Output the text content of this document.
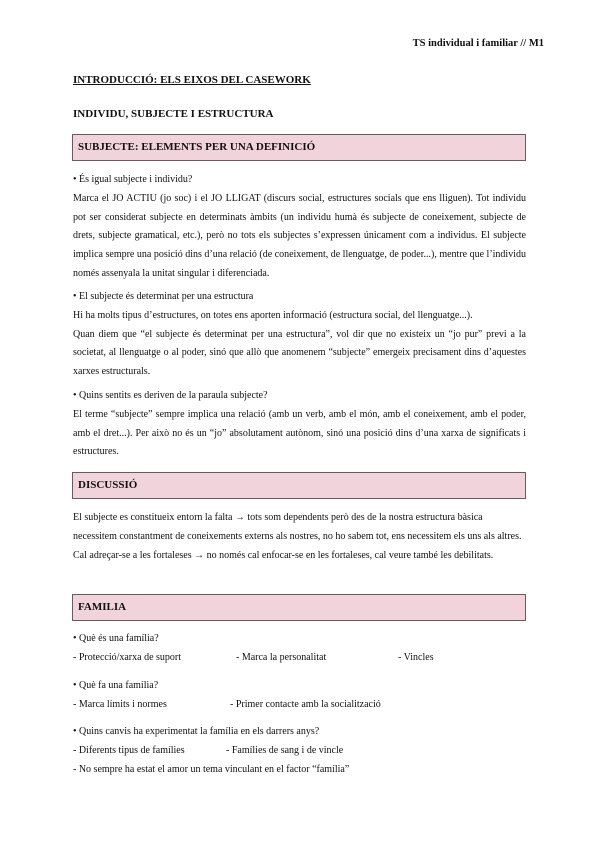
TS individual i familiar // M1
INTRODUCCIÓ: ELS EIXOS DEL CASEWORK
INDIVIDU, SUBJECTE I ESTRUCTURA
SUBJECTE: ELEMENTS PER UNA DEFINICIÓ

• És igual subjecte i individu?

Marca el JO ACTIU (jo soc) i el JO LLIGAT (discurs social, estructures socials que ens lliguen). Tot individu pot ser considerat subjecte en determinats àmbits (un individu humà és subjecte de coneixement, subjecte de drets, subjecte gramatical, etc.), però no tots els subjectes s’expressen únicament com a individus. El subjecte implica sempre una posició dins d’una relació (de coneixement, de llenguatge, de poder...), mentre que l’individu només assenyala la unitat singular i diferenciada.

• El subjecte és determinat per una estructura

Hi ha molts tipus d’estructures, on totes ens aporten informació (estructura social, del llenguatge...).

Quan diem que “el subjecte és determinat per una estructura”, vol dir que no existeix un “jo pur” previ a la societat, al llenguatge o al poder, sinó que allò que anomenem “subjecte” emergeix precisament dins d’aquestes xarxes estructurals.

• Quins sentits es deriven de la paraula subjecte?

El terme “subjecte” sempre implica una relació (amb un verb, amb el món, amb el coneixement, amb el poder, amb el dret...). Per això no és un “jo” absolutament autònom, sinó una posició dins d’una xarxa de significats i estructures.

DISCUSSIÓ

El subjecte es constitueix entorn la falta → tots som dependents però des de la nostra estructura bàsica necessitem constantment de coneixements externs als nostres, no ho sabem tot, ens necessitem els uns als altres.

Cal adreçar-se a les fortaleses → no només cal enfocar-se en les fortaleses, cal veure també les debilitats.

FAMILIA

• Què és una família?

- Protecció/xarxa de suport	- Marca la personalitat	- Vincles

• Què fa una família?

- Marca límits i normes	- Primer contacte amb la socialització

• Quins canvis ha experimentat la família en els darrers anys?

- Diferents tipus de famílies	- Famílies de sang i de vincle

- No sempre ha estat el amor un tema vinculant en el factor “família”
